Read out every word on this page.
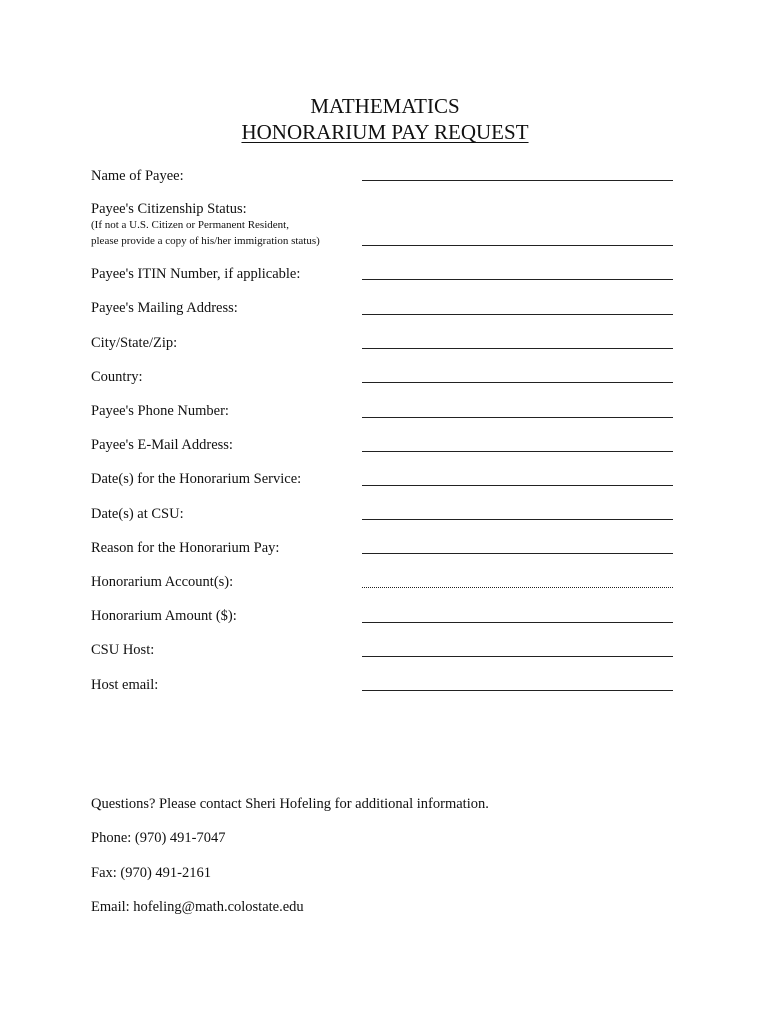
MATHEMATICS
HONORARIUM PAY REQUEST
Name of Payee:
Payee's Citizenship Status:
(If not a U.S. Citizen or Permanent Resident,
please provide a copy of his/her immigration status)
Payee's ITIN Number, if applicable:
Payee's Mailing Address:
City/State/Zip:
Country:
Payee's Phone Number:
Payee's E-Mail Address:
Date(s) for the Honorarium Service:
Date(s) at CSU:
Reason for the Honorarium Pay:
Honorarium Account(s):
Honorarium Amount ($):
CSU Host:
Host email:
Questions? Please contact Sheri Hofeling for additional information.
Phone: (970) 491-7047
Fax: (970) 491-2161
Email: hofeling@math.colostate.edu
